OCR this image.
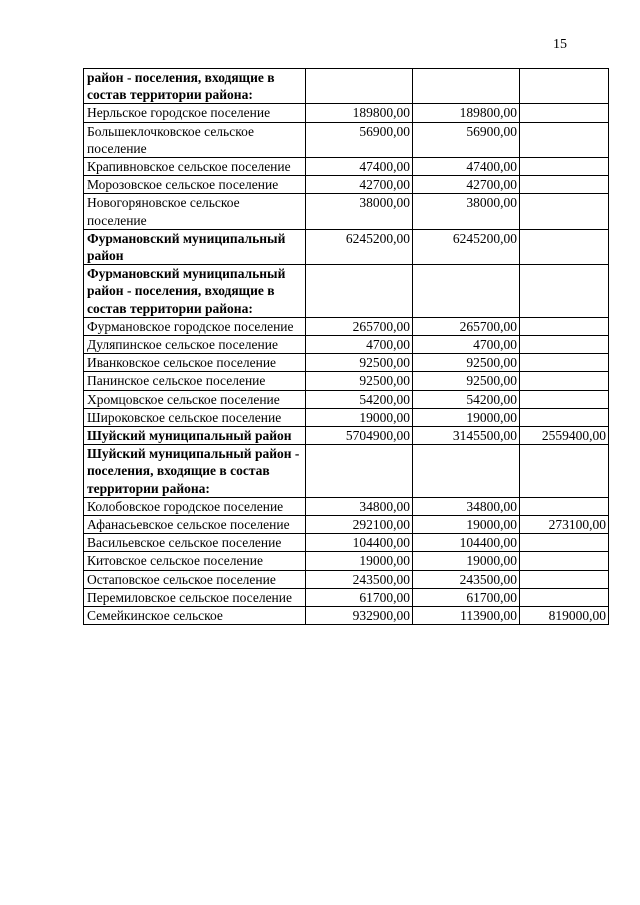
15
район - поселения, входящие в состав территории района:			
Нерльское городское поселение	189800,00	189800,00	
Большеклочковское сельское поселение	56900,00	56900,00	
Крапивновское сельское поселение	47400,00	47400,00	
Морозовское сельское поселение	42700,00	42700,00	
Новогоряновское сельское поселение	38000,00	38000,00	
Фурмановский муниципальный район	6245200,00	6245200,00	
Фурмановский муниципальный район - поселения, входящие в состав территории района:			
Фурмановское городское поселение	265700,00	265700,00	
Дуляпинское сельское поселение	4700,00	4700,00	
Иванковское сельское поселение	92500,00	92500,00	
Панинское сельское поселение	92500,00	92500,00	
Хромцовское сельское поселение	54200,00	54200,00	
Широковское сельское поселение	19000,00	19000,00	
Шуйский муниципальный район	5704900,00	3145500,00	2559400,00
Шуйский муниципальный район - поселения, входящие в состав территории района:			
Колобовское городское поселение	34800,00	34800,00	
Афанасьевское сельское поселение	292100,00	19000,00	273100,00
Васильевское сельское поселение	104400,00	104400,00	
Китовское сельское поселение	19000,00	19000,00	
Остаповское сельское поселение	243500,00	243500,00	
Перемиловское сельское поселение	61700,00	61700,00	
Семейкинское сельское	932900,00	113900,00	819000,00
